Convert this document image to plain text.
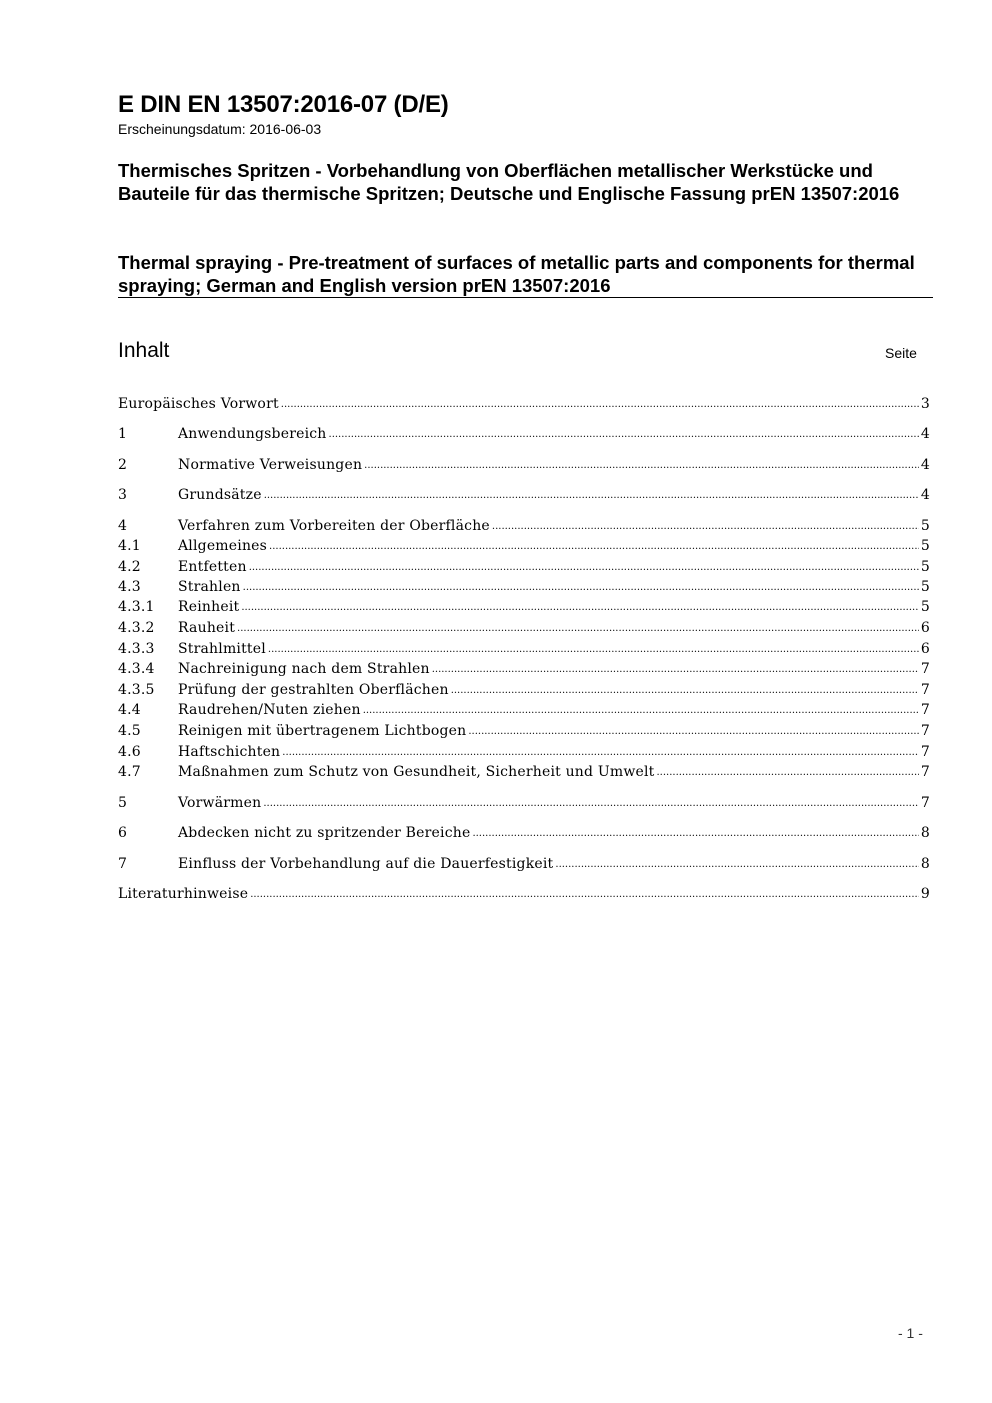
E DIN EN 13507:2016-07 (D/E)
Erscheinungsdatum: 2016-06-03
Thermisches Spritzen - Vorbehandlung von Oberflächen metallischer Werkstücke und Bauteile für das thermische Spritzen; Deutsche und Englische Fassung prEN 13507:2016
Thermal spraying - Pre-treatment of surfaces of metallic parts and components for thermal spraying; German and English version prEN 13507:2016
Inhalt	Seite
Europäisches Vorwort .....	3
1	Anwendungsbereich .....	4
2	Normative Verweisungen .....	4
3	Grundsätze .....	4
4	Verfahren zum Vorbereiten der Oberfläche .....	5
4.1	Allgemeines .....	5
4.2	Entfetten .....	5
4.3	Strahlen .....	5
4.3.1	Reinheit .....	5
4.3.2	Rauheit .....	6
4.3.3	Strahlmittel .....	6
4.3.4	Nachreinigung nach dem Strahlen .....	7
4.3.5	Prüfung der gestrahlten Oberflächen .....	7
4.4	Raudrehen/Nuten ziehen .....	7
4.5	Reinigen mit übertragenem Lichtbogen .....	7
4.6	Haftschichten .....	7
4.7	Maßnahmen zum Schutz von Gesundheit, Sicherheit und Umwelt .....	7
5	Vorwärmen .....	7
6	Abdecken nicht zu spritzender Bereiche .....	8
7	Einfluss der Vorbehandlung auf die Dauerfestigkeit .....	8
Literaturhinweise .....	9
- 1 -
